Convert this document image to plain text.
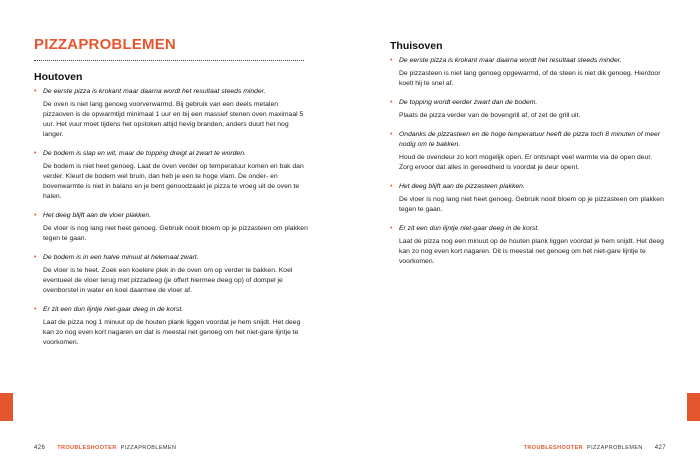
PIZZAPROBLEMEN
Houtoven
• De eerste pizza is krokant maar daarna wordt het resultaat steeds minder.
De oven is niet lang genoeg voorverwarmd. Bij gebruik van een deels metalen pizzaoven is de opwarmtijd minimaal 1 uur en bij een massief stenen oven maximaal 5 uur. Het vuur moet tijdens het opstoken altijd hevig branden, anders duurt het nog langer.
• De bodem is slap en wit, maar de topping dreigt al zwart te worden.
De bodem is niet heet genoeg. Laat de oven verder op temperatuur komen en bak dan verder. Kleurt de bodem wel bruin, dan heb je een te hoge vlam. De onder- en bovenwarmte is niet in balans en je bent genoodzaakt je pizza te vroeg uit de oven te halen.
• Het deeg blijft aan de vloer plakken.
De vloer is nog lang niet heet genoeg. Gebruik nooit bloem op je pizzasteen om plakken tegen te gaan.
• De bodem is in een halve minuut al helemaal zwart.
De vloer is te heet. Zoek een koelere plek in de oven om op verder te bakken. Koel eventueel de vloer terug met pizzadeeg (je offert hiermee deeg op) of dompel je ovenborstel in water en koel daarmee de vloer af.
• Er zit een dun lijntje niet-gaar deeg in de korst.
Laat de pizza nog 1 minuut op de houten plank liggen voordat je hem snijdt. Het deeg kan zo nog even kort nagaren en dat is meestal net genoeg om het niet-gare lijntje te voorkomen.
426 TROUBLESHOOTER PIZZAPROBLEMEN
Thuisoven
• De eerste pizza is krokant maar daarna wordt het resultaat steeds minder.
De pizzasteen is niet lang genoeg opgewarmd, of de steen is niet dik genoeg. Hierdoor koelt hij te snel af.
• De topping wordt eerder zwart dan de bodem.
Plaats de pizza verder van de bovengrill af, of zet de grill uit.
• Ondanks de pizzasteen en de hoge temperatuur heeft de pizza toch 8 minuten of meer nodig om te bakken.
Houd de ovendeur zo kort mogelijk open. Er ontsnapt veel warmte via de open deur. Zorg ervoor dat alles in gereedheid is voordat je deur opent.
• Het deeg blijft aan de pizzasteen plakken.
De vloer is nog lang niet heet genoeg. Gebruik nooit bloem op je pizzasteen om plakken tegen te gaan.
• Er zit een dun lijntje niet-gaar deeg in de korst.
Laat de pizza nog een minuut op de houten plank liggen voordat je hem snijdt. Het deeg kan zo nog even kort nagaren. Dit is meestal net genoeg om het niet-gare lijntje te voorkomen.
TROUBLESHOOTER PIZZAPROBLEMEN 427
